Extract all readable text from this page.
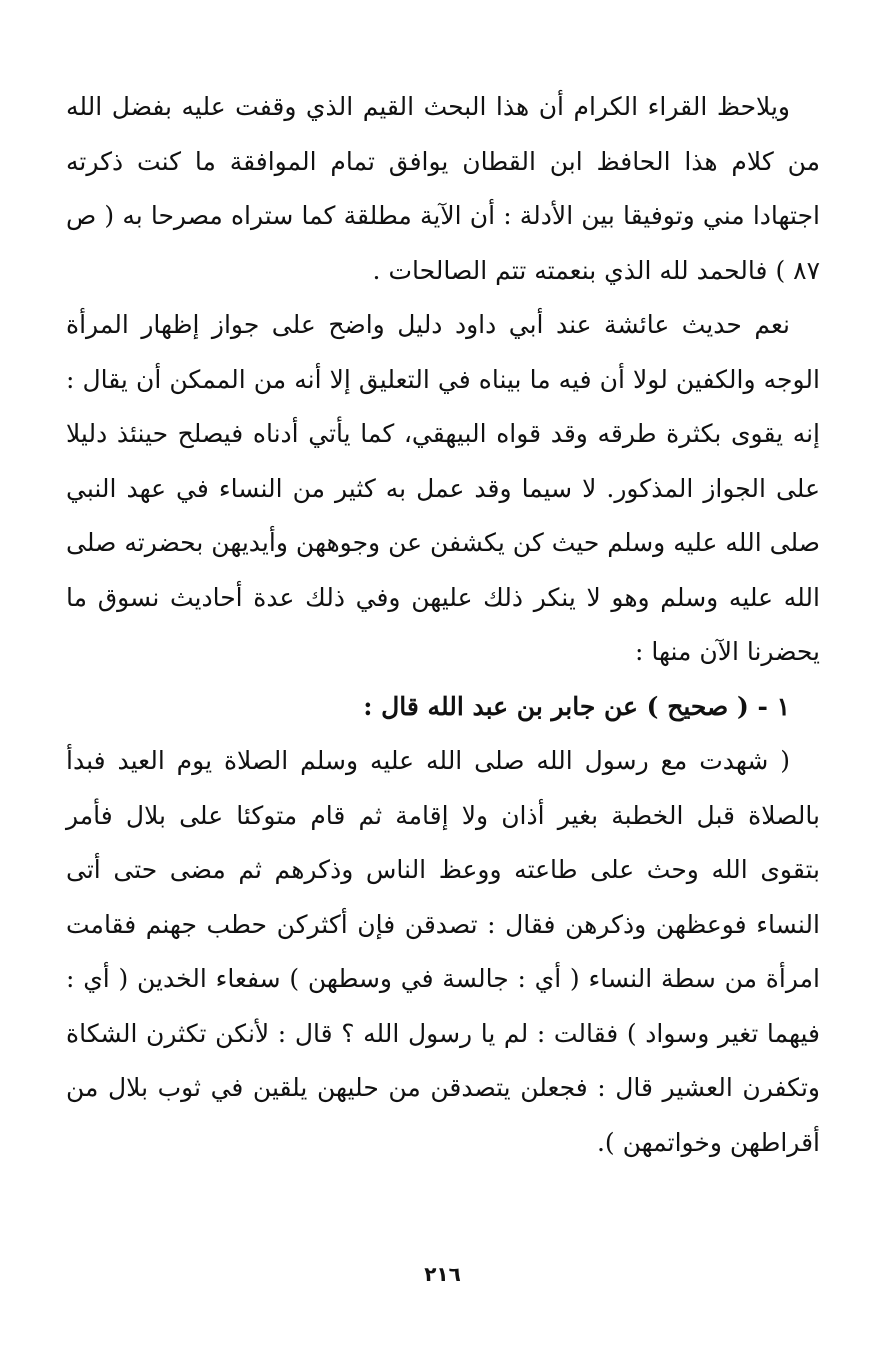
ويلاحظ القراء الكرام أن هذا البحث القيم الذي وقفت عليه بفضل الله من كلام هذا الحافظ ابن القطان يوافق تمام الموافقة ما كنت ذكرته اجتهادا مني وتوفيقا بين الأدلة : أن الآية مطلقة كما ستراه مصرحا به ( ص ٨٧ ) فالحمد لله الذي بنعمته تتم الصالحات .

نعم حديث عائشة عند أبي داود دليل واضح على جواز إظهار المرأة الوجه والكفين لولا أن فيه ما بيناه في التعليق إلا أنه من الممكن أن يقال : إنه يقوى بكثرة طرقه وقد قواه البيهقي، كما يأتي أدناه فيصلح حينئذ دليلا على الجواز المذكور. لا سيما وقد عمل به كثير من النساء في عهد النبي صلى الله عليه وسلم حيث كن يكشفن عن وجوههن وأيديهن بحضرته صلى الله عليه وسلم وهو لا ينكر ذلك عليهن وفي ذلك عدة أحاديث نسوق ما يحضرنا الآن منها :

١ - ( صحيح ) عن جابر بن عبد الله قال :

( شهدت مع رسول الله صلى الله عليه وسلم الصلاة يوم العيد فبدأ بالصلاة قبل الخطبة بغير أذان ولا إقامة ثم قام متوكئا على بلال فأمر بتقوى الله وحث على طاعته ووعظ الناس وذكرهم ثم مضى حتى أتى النساء فوعظهن وذكرهن فقال : تصدقن فإن أكثركن حطب جهنم فقامت امرأة من سطة النساء ( أي : جالسة في وسطهن ) سفعاء الخدين ( أي : فيهما تغير وسواد ) فقالت : لم يا رسول الله ؟ قال : لأنكن تكثرن الشكاة وتكفرن العشير قال : فجعلن يتصدقن من حليهن يلقين في ثوب بلال من أقراطهن وخواتمهن ).

٢١٦
